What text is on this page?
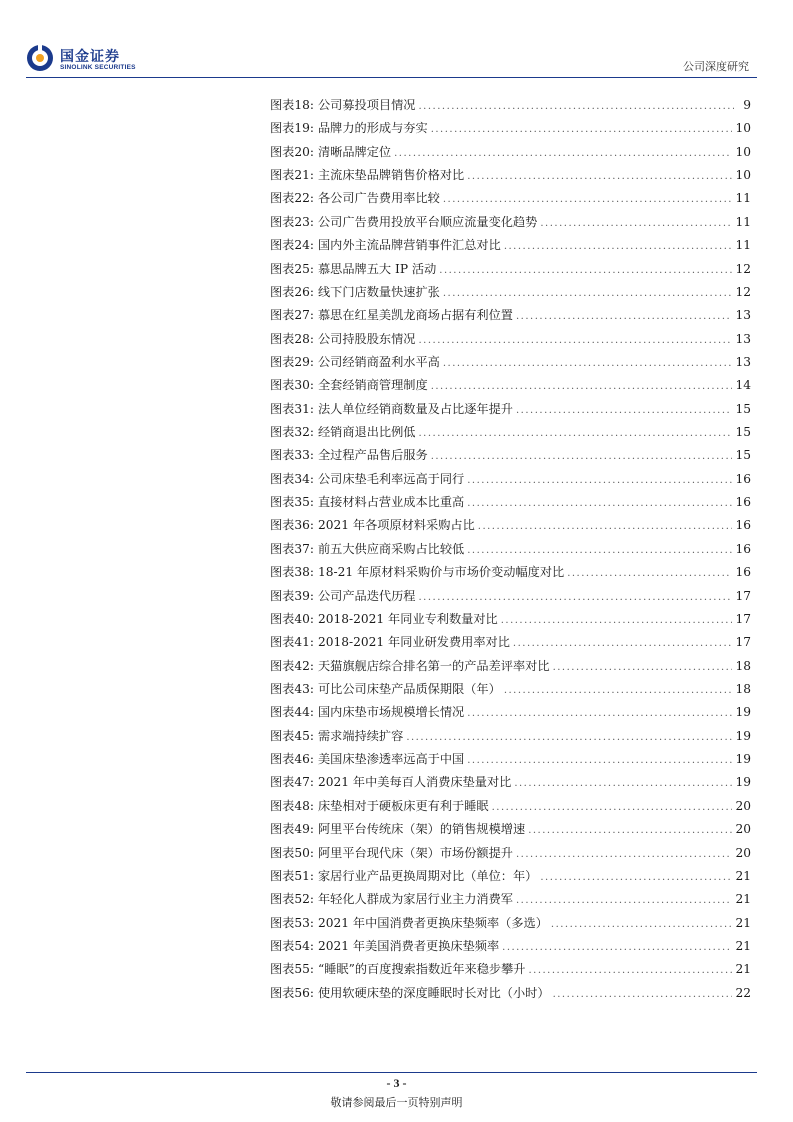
国金证券
SINOLINK SECURITIES	公司深度研究
图表18: 公司募投项目情况 .....	9
图表19: 品牌力的形成与夯实 .....	10
图表20: 清晰品牌定位 .....	10
图表21: 主流床垫品牌销售价格对比 .....	10
图表22: 各公司广告费用率比较 .....	11
图表23: 公司广告费用投放平台顺应流量变化趋势 .....	11
图表24: 国内外主流品牌营销事件汇总对比 .....	11
图表25: 慕思品牌五大 IP 活动 .....	12
图表26: 线下门店数量快速扩张 .....	12
图表27: 慕思在红星美凯龙商场占据有利位置 .....	13
图表28: 公司持股股东情况 .....	13
图表29: 公司经销商盈利水平高 .....	13
图表30: 全套经销商管理制度 .....	14
图表31: 法人单位经销商数量及占比逐年提升 .....	15
图表32: 经销商退出比例低 .....	15
图表33: 全过程产品售后服务 .....	15
图表34: 公司床垫毛利率远高于同行 .....	16
图表35: 直接材料占营业成本比重高 .....	16
图表36: 2021 年各项原材料采购占比 .....	16
图表37: 前五大供应商采购占比较低 .....	16
图表38: 18-21 年原材料采购价与市场价变动幅度对比 .....	16
图表39: 公司产品迭代历程 .....	17
图表40: 2018-2021 年同业专利数量对比 .....	17
图表41: 2018-2021 年同业研发费用率对比 .....	17
图表42: 天猫旗舰店综合排名第一的产品差评率对比 .....	18
图表43: 可比公司床垫产品质保期限（年） .....	18
图表44: 国内床垫市场规模增长情况 .....	19
图表45: 需求端持续扩容 .....	19
图表46: 美国床垫渗透率远高于中国 .....	19
图表47: 2021 年中美每百人消费床垫量对比 .....	19
图表48: 床垫相对于硬板床更有利于睡眠 .....	20
图表49: 阿里平台传统床（架）的销售规模增速 .....	20
图表50: 阿里平台现代床（架）市场份额提升 .....	20
图表51: 家居行业产品更换周期对比（单位：年） .....	21
图表52: 年轻化人群成为家居行业主力消费军 .....	21
图表53: 2021 年中国消费者更换床垫频率（多选） .....	21
图表54: 2021 年美国消费者更换床垫频率 .....	21
图表55: “睡眠”的百度搜索指数近年来稳步攀升 .....	21
图表56: 使用软硬床垫的深度睡眠时长对比（小时） .....	22
- 3 -
敬请参阅最后一页特别声明
